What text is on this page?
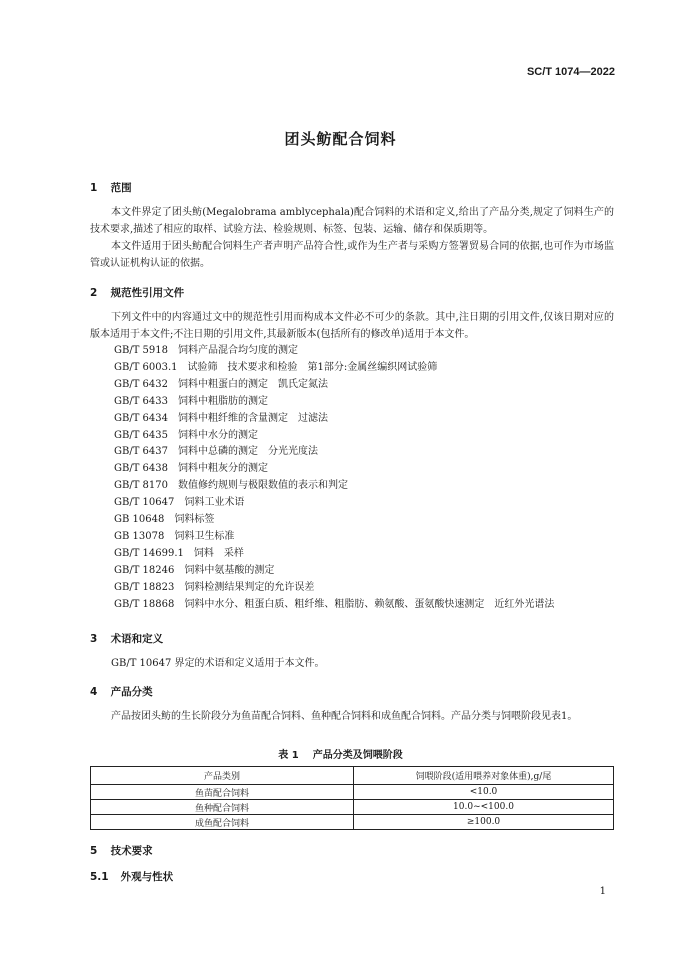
SC/T 1074—2022
团头鲂配合饲料
1 范围

本文件界定了团头鲂(Megalobrama amblycephala)配合饲料的术语和定义,给出了产品分类,规定了饲料生产的技术要求,描述了相应的取样、试验方法、检验规则、标签、包装、运输、储存和保质期等。

本文件适用于团头鲂配合饲料生产者声明产品符合性,或作为生产者与采购方签署贸易合同的依据,也可作为市场监管或认证机构认证的依据。

2 规范性引用文件

下列文件中的内容通过文中的规范性引用而构成本文件必不可少的条款。其中,注日期的引用文件,仅该日期对应的版本适用于本文件;不注日期的引用文件,其最新版本(包括所有的修改单)适用于本文件。

GB/T 5918 饲料产品混合均匀度的测定
GB/T 6003.1 试验筛　技术要求和检验　第1部分:金属丝编织网试验筛
GB/T 6432 饲料中粗蛋白的测定　凯氏定氮法
GB/T 6433 饲料中粗脂肪的测定
GB/T 6434 饲料中粗纤维的含量测定　过滤法
GB/T 6435 饲料中水分的测定
GB/T 6437 饲料中总磷的测定　分光光度法
GB/T 6438 饲料中粗灰分的测定
GB/T 8170 数值修约规则与极限数值的表示和判定
GB/T 10647 饲料工业术语
GB 10648 饲料标签
GB 13078 饲料卫生标准
GB/T 14699.1 饲料　采样
GB/T 18246 饲料中氨基酸的测定
GB/T 18823 饲料检测结果判定的允许误差
GB/T 18868 饲料中水分、粗蛋白质、粗纤维、粗脂肪、赖氨酸、蛋氨酸快速测定　近红外光谱法
3 术语和定义

GB/T 10647 界定的术语和定义适用于本文件。

4 产品分类

产品按团头鲂的生长阶段分为鱼苗配合饲料、鱼种配合饲料和成鱼配合饲料。产品分类与饲喂阶段见表1。

表 1 产品分类及饲喂阶段
产品类别	饲喂阶段(适用喂养对象体重),g/尾
鱼苗配合饲料	<10.0
鱼种配合饲料	10.0~<100.0
成鱼配合饲料	≥100.0
5 技术要求
5.1 外观与性状
1
